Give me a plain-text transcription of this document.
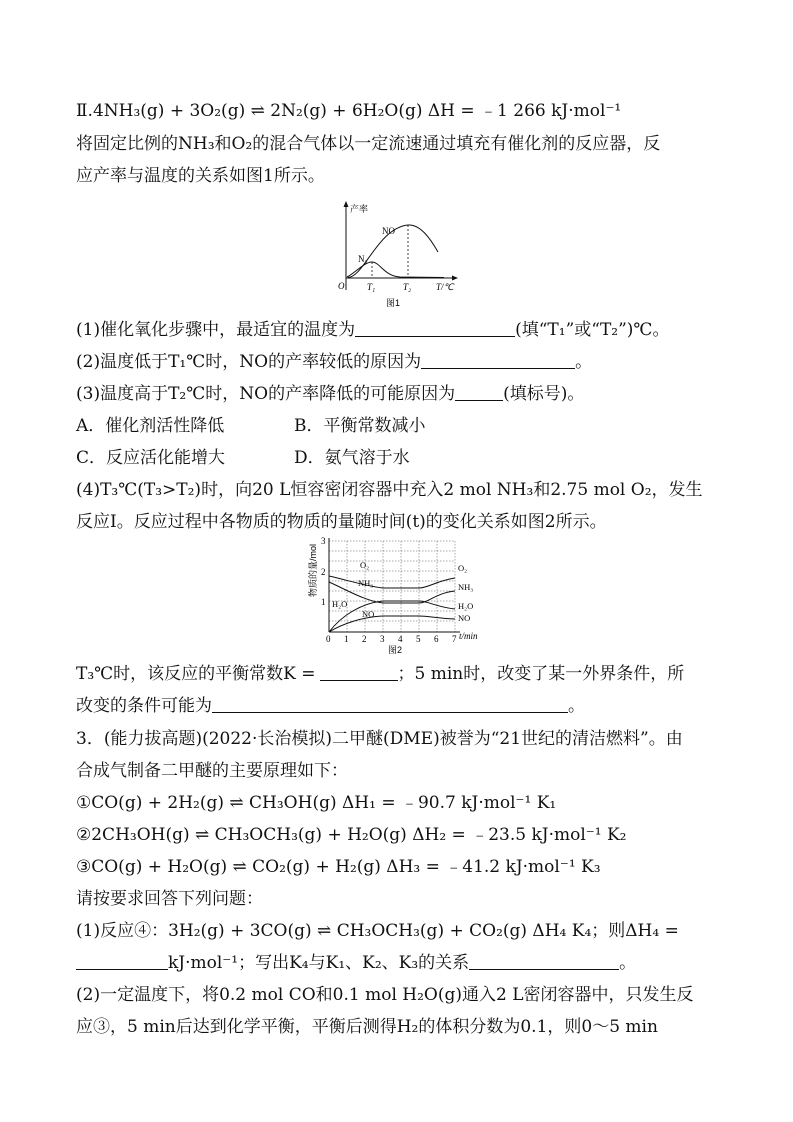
Ⅱ.4NH₃(g) + 3O₂(g) ⇌ 2N₂(g) + 6H₂O(g) ΔH = ﹣1 266 kJ·mol⁻¹
将固定比例的NH₃和O₂的混合气体以一定流速通过填充有催化剂的反应器，反
应产率与温度的关系如图1所示。
产率
NO
N₂
O	T₁	T₂	T/℃
图1
(1)催化氧化步骤中，最适宜的温度为	(填“T₁”或“T₂”)℃。
(2)温度低于T₁℃时，NO的产率较低的原因为	。
(3)温度高于T₂℃时，NO的产率降低的可能原因为	(填标号)。
A．催化剂活性降低	B．平衡常数减小
C．反应活化能增大	D．氨气溶于水
(4)T₃℃(T₃>T₂)时，向20 L恒容密闭容器中充入2 mol NH₃和2.75 mol O₂，发生
反应Ⅰ。反应过程中各物质的物质的量随时间(t)的变化关系如图2所示。
物质的量/mol
3
2
1
0 1 2 3 4 5 6 7 t/min
O₂
NH₃
H₂O
NO
O₂
NH₃
H₂O
NO
图2
T₃℃时，该反应的平衡常数K =	；5 min时，改变了某一外界条件，所
改变的条件可能为	。
3．(能力拔高题)(2022·长治模拟)二甲醚(DME)被誉为“21世纪的清洁燃料”。由
合成气制备二甲醚的主要原理如下：
①CO(g) + 2H₂(g) ⇌ CH₃OH(g) ΔH₁ = ﹣90.7 kJ·mol⁻¹ K₁
②2CH₃OH(g) ⇌ CH₃OCH₃(g) + H₂O(g) ΔH₂ = ﹣23.5 kJ·mol⁻¹ K₂
③CO(g) + H₂O(g) ⇌ CO₂(g) + H₂(g) ΔH₃ = ﹣41.2 kJ·mol⁻¹ K₃
请按要求回答下列问题：
(1)反应④：3H₂(g) + 3CO(g) ⇌ CH₃OCH₃(g) + CO₂(g) ΔH₄ K₄；则ΔH₄ =
kJ·mol⁻¹；写出K₄与K₁、K₂、K₃的关系	。
(2)一定温度下，将0.2 mol CO和0.1 mol H₂O(g)通入2 L密闭容器中，只发生反
应③，5 min后达到化学平衡，平衡后测得H₂的体积分数为0.1，则0～5 min
